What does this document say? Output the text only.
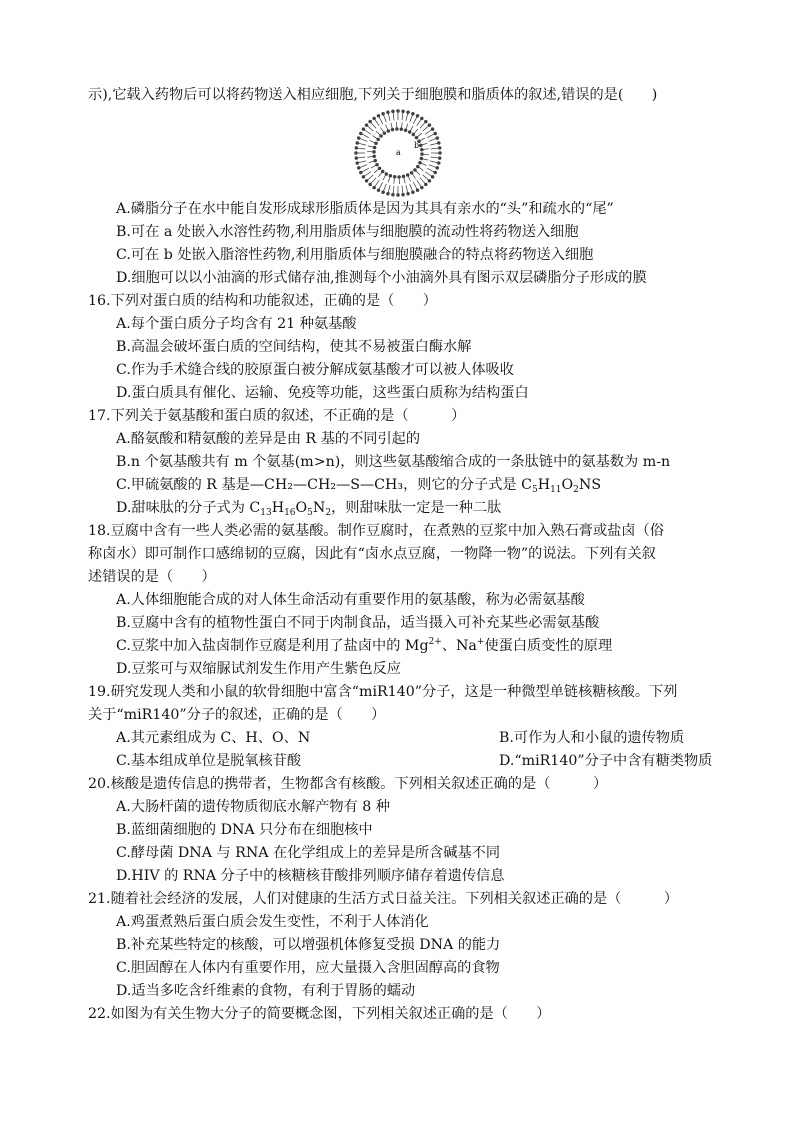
示),它载入药物后可以将药物送入相应细胞,下列关于细胞膜和脂质体的叙述,错误的是(　　)
a
b
A.磷脂分子在水中能自发形成球形脂质体是因为其具有亲水的“头”和疏水的“尾”
B.可在 a 处嵌入水溶性药物,利用脂质体与细胞膜的流动性将药物送入细胞
C.可在 b 处嵌入脂溶性药物,利用脂质体与细胞膜融合的特点将药物送入细胞
D.细胞可以以小油滴的形式储存油,推测每个小油滴外具有图示双层磷脂分子形成的膜
16.下列对蛋白质的结构和功能叙述，正确的是（　　）
A.每个蛋白质分子均含有 21 种氨基酸
B.高温会破坏蛋白质的空间结构，使其不易被蛋白酶水解
C.作为手术缝合线的胶原蛋白被分解成氨基酸才可以被人体吸收
D.蛋白质具有催化、运输、免疫等功能，这些蛋白质称为结构蛋白
17.下列关于氨基酸和蛋白质的叙述，不正确的是（　　　）
A.酪氨酸和精氨酸的差异是由 R 基的不同引起的
B.n 个氨基酸共有 m 个氨基(m>n)，则这些氨基酸缩合成的一条肽链中的氨基数为 m-n
C.甲硫氨酸的 R 基是—CH₂—CH₂—S—CH₃，则它的分子式是 $C_5H_{11}O_2NS$
D.甜味肽的分子式为 $C_{13}H_{16}O_5N_2$，则甜味肽一定是一种二肽
18.豆腐中含有一些人类必需的氨基酸。制作豆腐时，在煮熟的豆浆中加入熟石膏或盐卤（俗
称卤水）即可制作口感绵韧的豆腐，因此有“卤水点豆腐，一物降一物”的说法。下列有关叙
述错误的是（　　）
A.人体细胞能合成的对人体生命活动有重要作用的氨基酸，称为必需氨基酸
B.豆腐中含有的植物性蛋白不同于肉制食品，适当摄入可补充某些必需氨基酸
C.豆浆中加入盐卤制作豆腐是利用了盐卤中的 $Mg^{2+}$、Na+使蛋白质变性的原理
D.豆浆可与双缩脲试剂发生作用产生紫色反应
19.研究发现人类和小鼠的软骨细胞中富含“miR140”分子，这是一种微型单链核糖核酸。下列
关于“miR140”分子的叙述，正确的是（　　）
A.其元素组成为 C、H、O、N	B.可作为人和小鼠的遗传物质
C.基本组成单位是脱氧核苷酸	D.“miR140”分子中含有糖类物质
20.核酸是遗传信息的携带者，生物都含有核酸。下列相关叙述正确的是（　　　）
A.大肠杆菌的遗传物质彻底水解产物有 8 种
B.蓝细菌细胞的 DNA 只分布在细胞核中
C.酵母菌 DNA 与 RNA 在化学组成上的差异是所含碱基不同
D.HIV 的 RNA 分子中的核糖核苷酸排列顺序储存着遗传信息
21.随着社会经济的发展，人们对健康的生活方式日益关注。下列相关叙述正确的是（　　　）
A.鸡蛋煮熟后蛋白质会发生变性，不利于人体消化
B.补充某些特定的核酸，可以增强机体修复受损 DNA 的能力
C.胆固醇在人体内有重要作用，应大量摄入含胆固醇高的食物
D.适当多吃含纤维素的食物，有利于胃肠的蠕动
22.如图为有关生物大分子的简要概念图，下列相关叙述正确的是（　　）
